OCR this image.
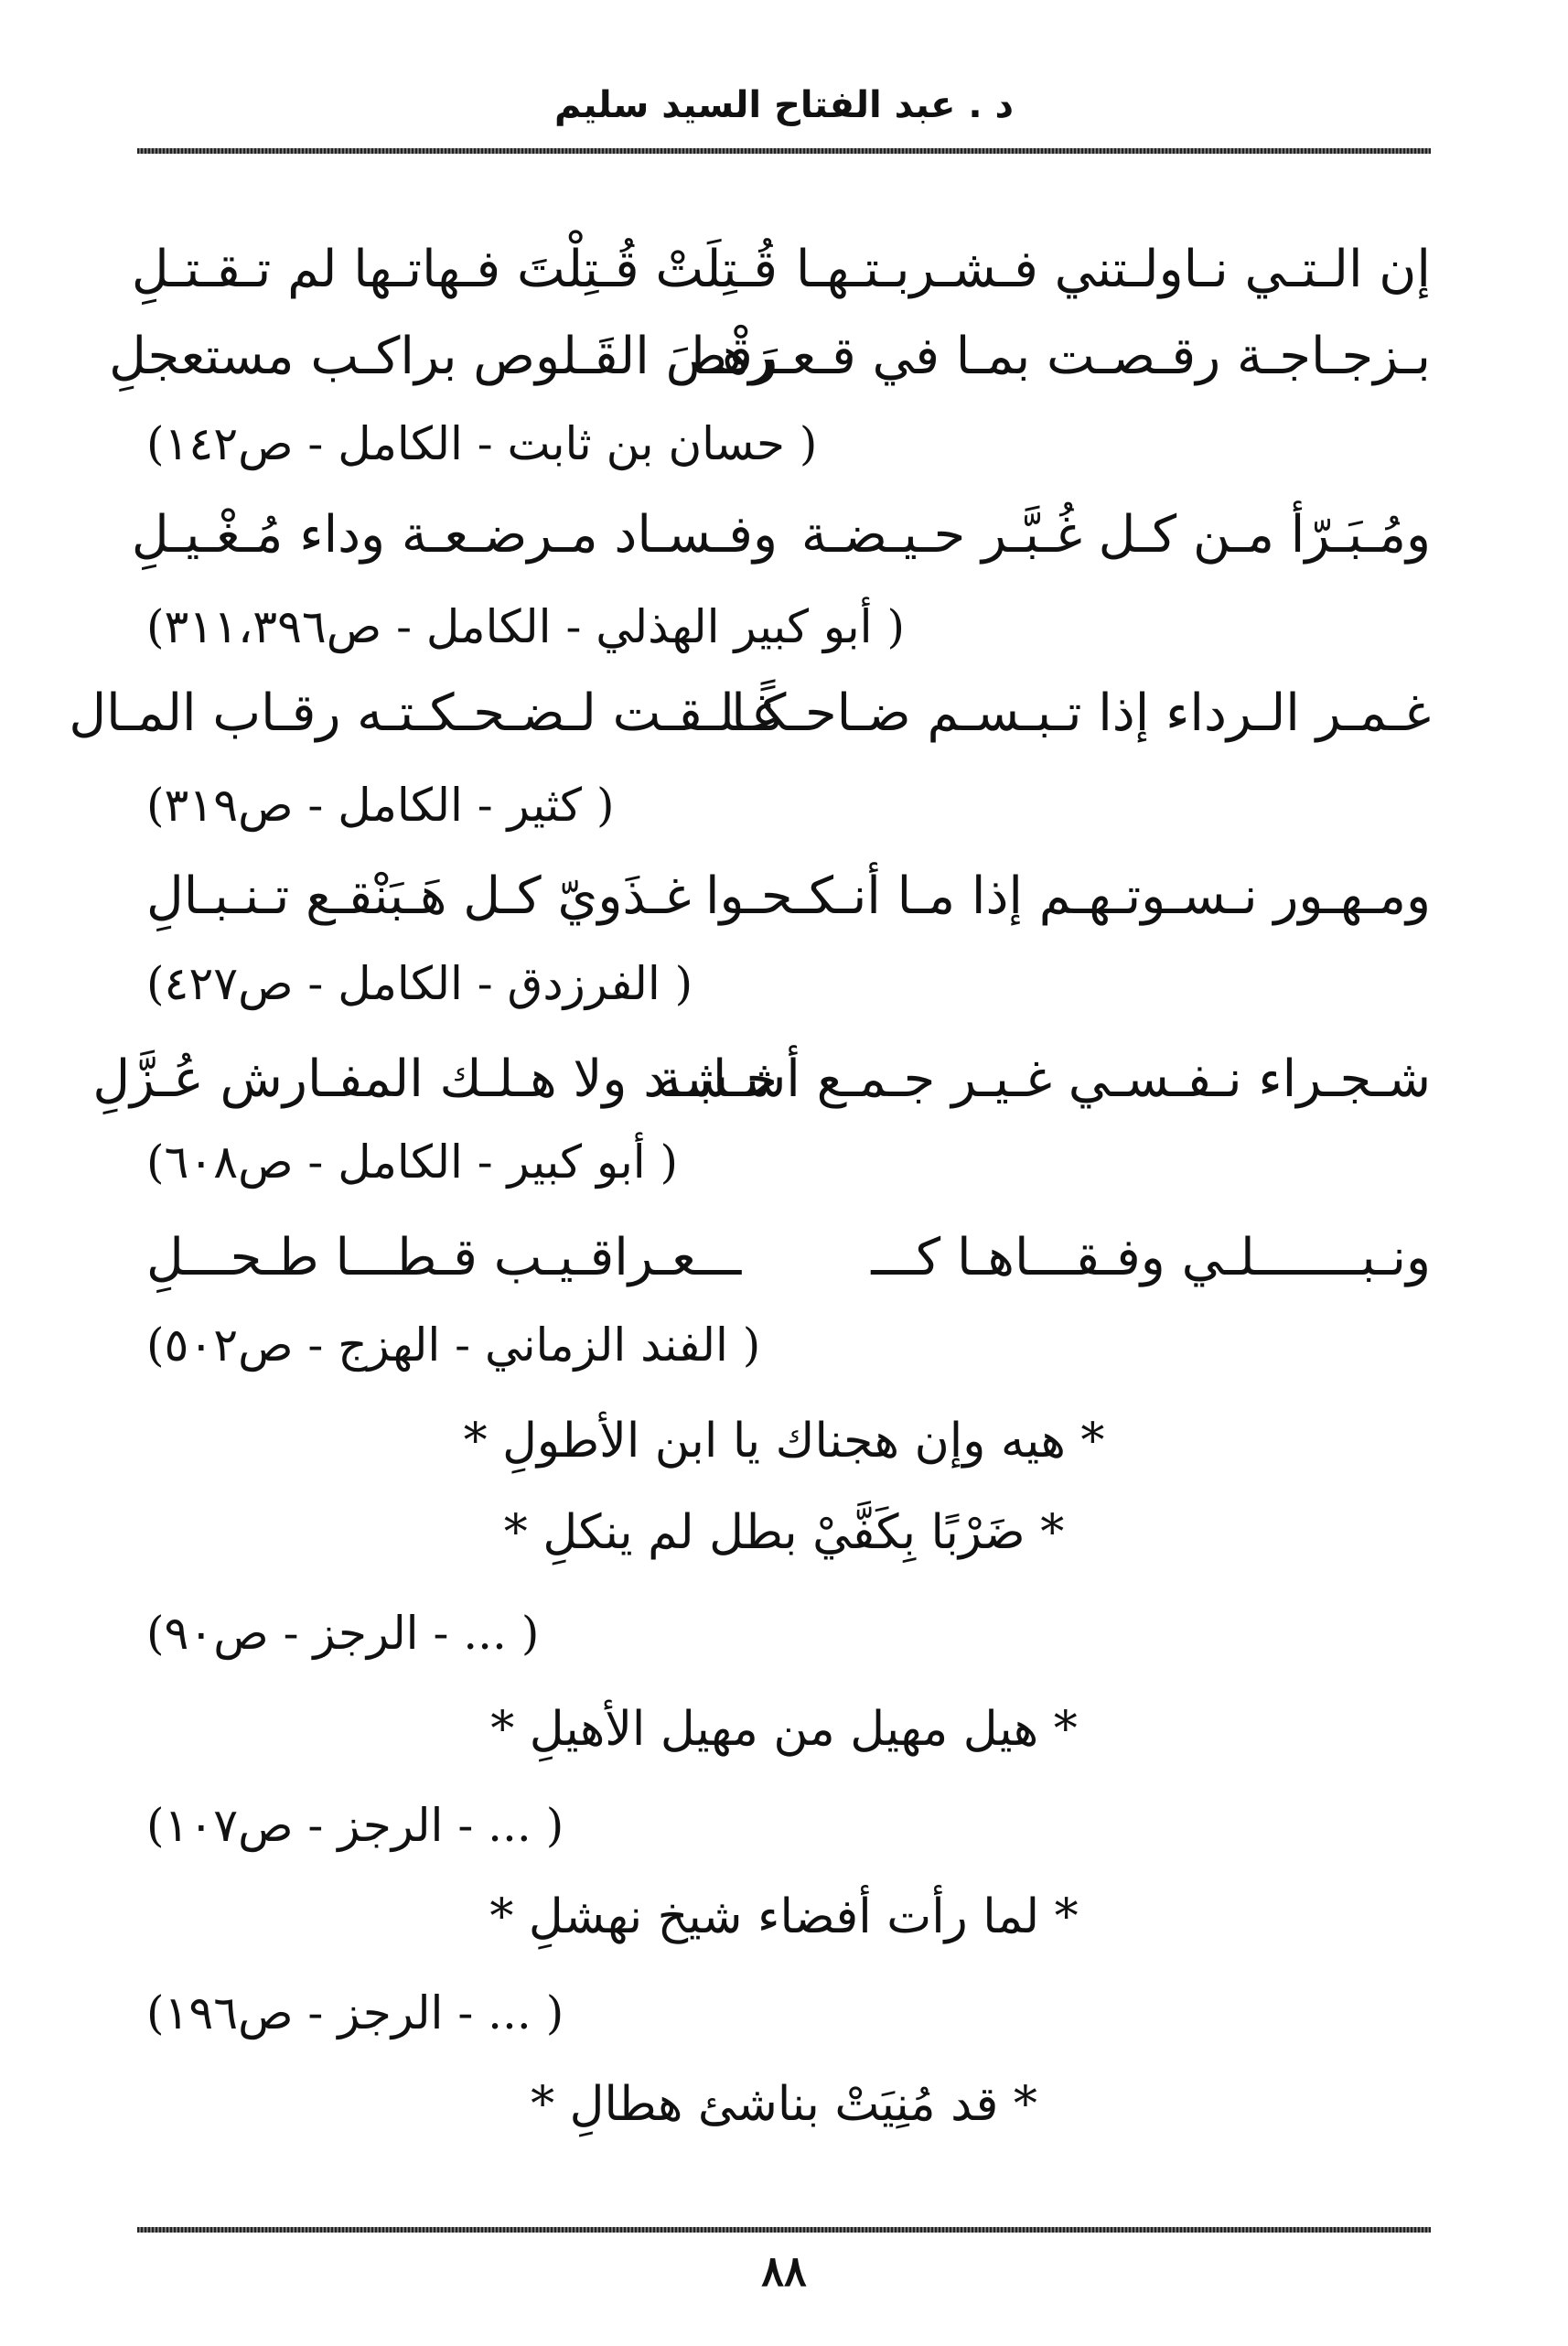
د . عبد الفتاح السيد سليم
إن الـتـي نـاولـتني فـشـربـتـهـا
قُـتِلَتْ قُـتِلْتَ فـهاتـها لم تـقـتـلِ
بـزجـاجـة رقـصـت بمـا في قـعـرهـا
رَقْصَ القَـلوص براكـب مستعجلِ
( حسان بن ثابت - الكامل - ص١٤٢)
ومُـبَـرّأ مـن كـل غُـبَّـر حـيـضـة
وفـسـاد مـرضـعـة وداء مُـغْـيـلِ
( أبو كبير الهذلي - الكامل - ص٣١١،٣٩٦)
غـمـر الـرداء إذا تـبـسـم ضـاحـكًـا
غـلـقـت لـضـحـكـتـه رقـاب المـال
( كثير - الكامل - ص٣١٩)
ومـهـور نـسـوتـهـم إذا مـا أنـكـحـوا
غـذَويّ كـل هَـبَنْقـع تـنـبـالِ
( الفرزدق - الكامل - ص٤٢٧)
شـجـراء نـفـسـي غـيـر جـمـع أشـابـة
حـشـد ولا هـلـك المفـارش عُـزَّلِ
( أبو كبير - الكامل - ص٦٠٨)
ونـبـــــــلـي وفـقـــاهـا كـــ
ـــعـراقـيـب قـطـــا طـحـــلِ
( الفند الزماني - الهزج - ص٥٠٢)
* هيه وإن هجناك يا ابن الأطولِ *
* ضَرْبًا بِكَفَّيْ بطل لم ينكلِ *
( ... - الرجز - ص٩٠)
* هيل مهيل من مهيل الأهيلِ *
( ... - الرجز - ص١٠٧)
* لما رأت أفضاء شيخ نهشلِ *
( ... - الرجز - ص١٩٦)
* قد مُنِيَتْ بناشئ هطالِ *
٨٨
